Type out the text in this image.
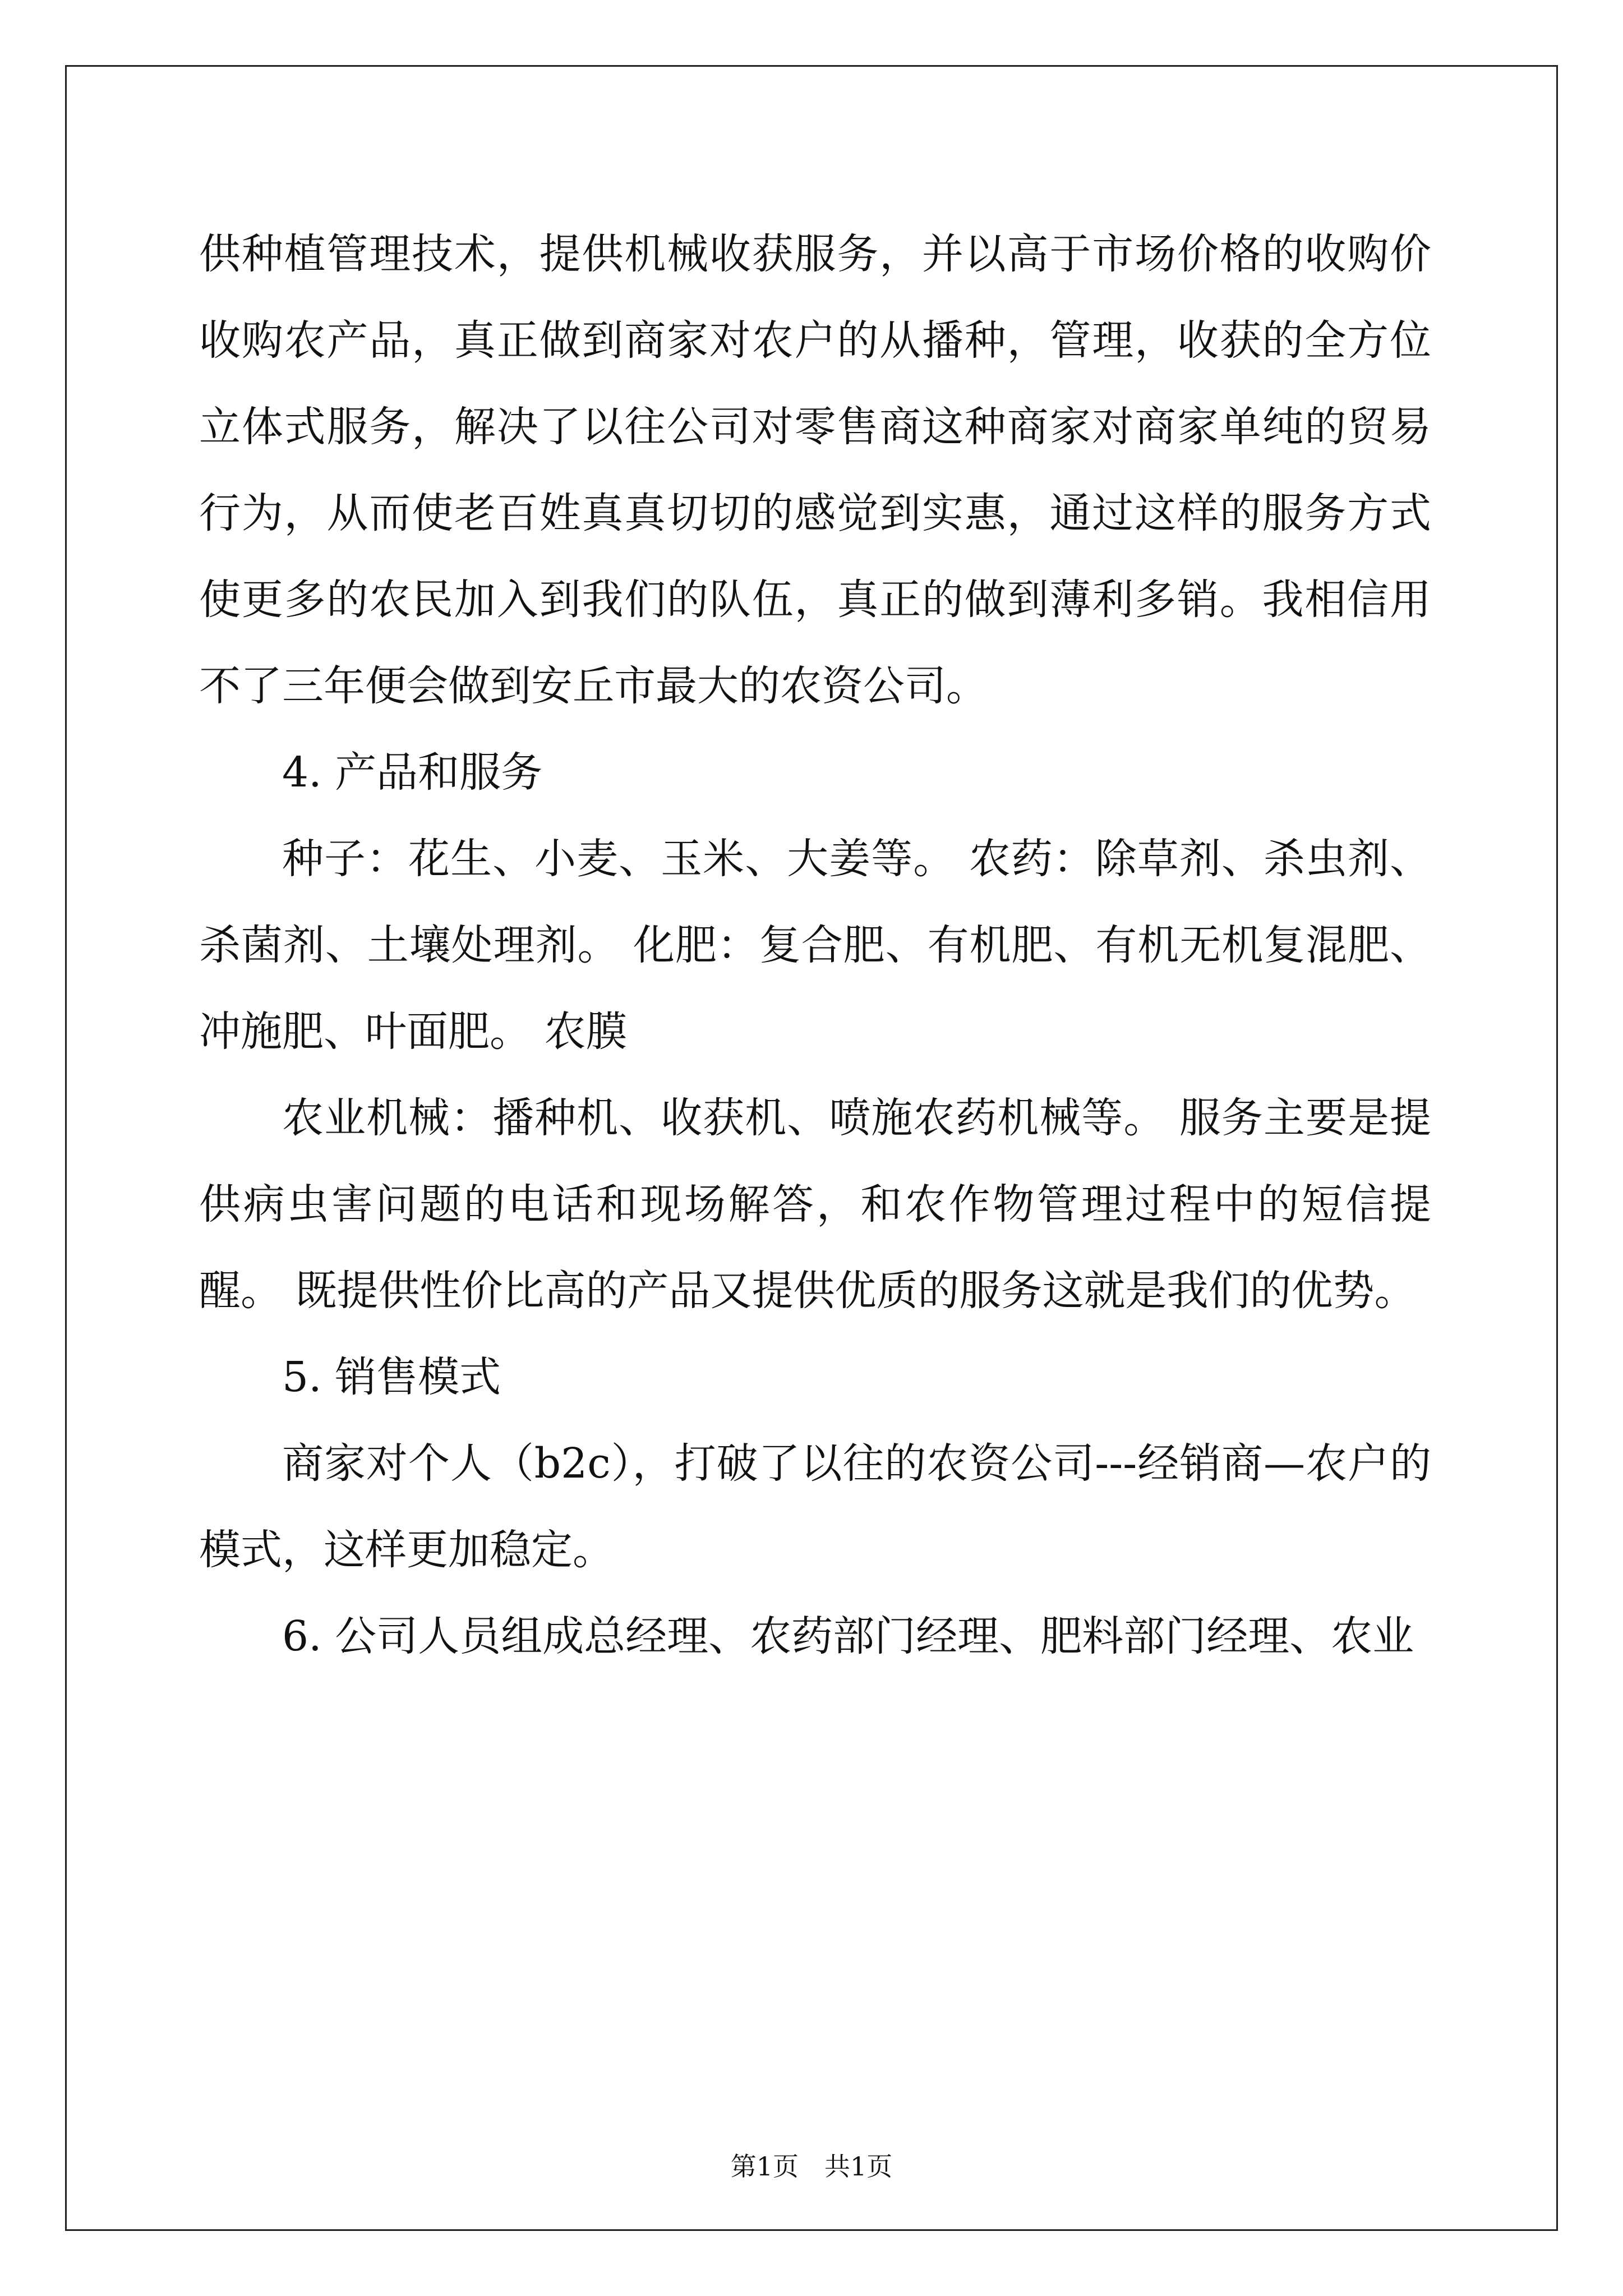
供种植管理技术，提供机械收获服务，并以高于市场价格的收购价收购农产品，真正做到商家对农户的从播种，管理，收获的全方位立体式服务，解决了以往公司对零售商这种商家对商家单纯的贸易行为，从而使老百姓真真切切的感觉到实惠，通过这样的服务方式使更多的农民加入到我们的队伍，真正的做到薄利多销。我相信用不了三年便会做到安丘市最大的农资公司。

4. 产品和服务

种子：花生、小麦、玉米、大姜等。 农药：除草剂、杀虫剂、杀菌剂、土壤处理剂。 化肥：复合肥、有机肥、有机无机复混肥、冲施肥、叶面肥。 农膜

农业机械：播种机、收获机、喷施农药机械等。 服务主要是提供病虫害问题的电话和现场解答，和农作物管理过程中的短信提醒。 既提供性价比高的产品又提供优质的服务这就是我们的优势。

5. 销售模式

商家对个人（b2c），打破了以往的农资公司---经销商—农户的模式，这样更加稳定。

6. 公司人员组成总经理、农药部门经理、肥料部门经理、农业

第1页 共1页
